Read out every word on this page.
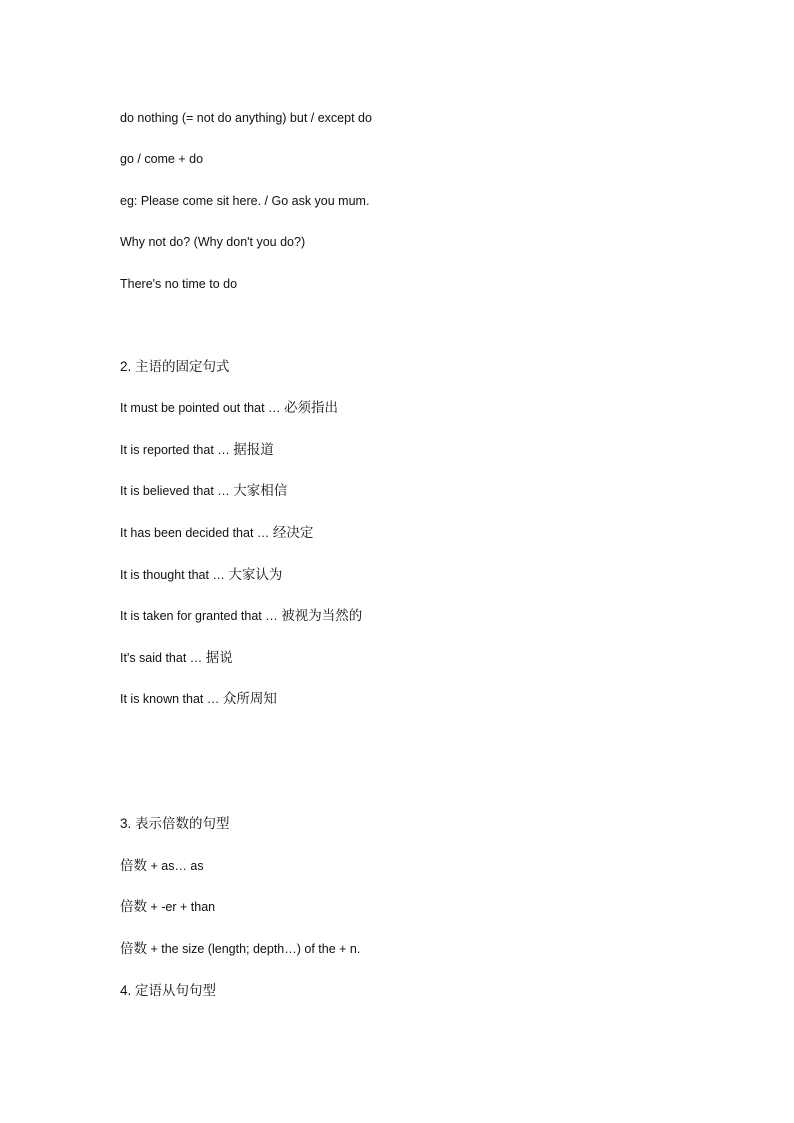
do nothing (= not do anything) but / except do
go / come + do
eg: Please come sit here. / Go ask you mum.
Why not do? (Why don't you do?)
There's no time to do
2. 主语的固定句式
It must be pointed out that … 必须指出
It is reported that … 据报道
It is believed that … 大家相信
It has been decided that … 经决定
It is thought that … 大家认为
It is taken for granted that … 被视为当然的
It's said that … 据说
It is known that … 众所周知
3. 表示倍数的句型
倍数 + as… as
倍数 + -er + than
倍数 + the size (length; depth…) of the + n.
4. 定语从句句型
